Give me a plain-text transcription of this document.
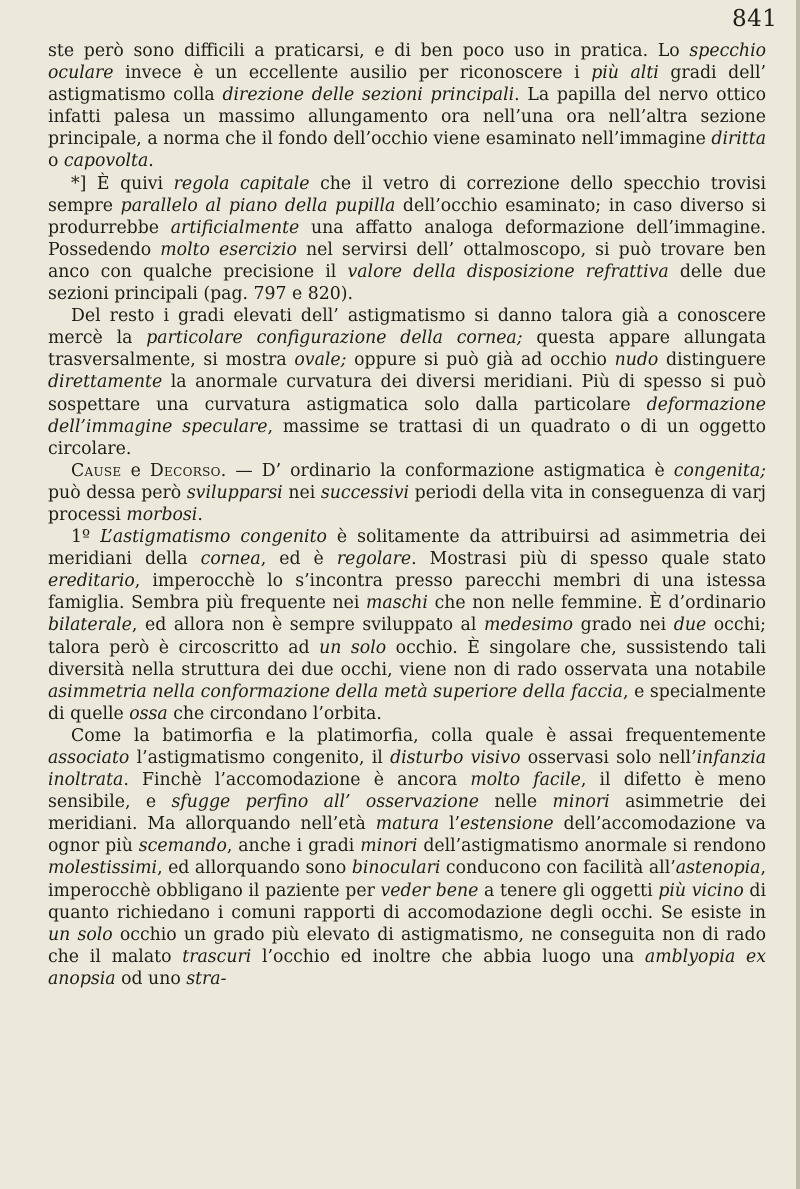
841

ste però sono difficili a praticarsi, e di ben poco uso in pratica. Lo specchio oculare invece è un eccellente ausilio per riconoscere i più alti gradi dell’ astigmatismo colla direzione delle sezioni principali. La papilla del nervo ottico infatti palesa un massimo allungamento ora nell’una ora nell’altra sezione principale, a norma che il fondo dell’occhio viene esaminato nell’immagine diritta o capovolta.

*] È quivi regola capitale che il vetro di correzione dello specchio trovisi sempre parallelo al piano della pupilla dell’occhio esaminato; in caso diverso si produrrebbe artificialmente una affatto analoga deformazione dell’immagine. Possedendo molto esercizio nel servirsi dell’ ottalmoscopo, si può trovare ben anco con qualche precisione il valore della disposizione refrattiva delle due sezioni principali (pag. 797 e 820).

Del resto i gradi elevati dell’ astigmatismo si danno talora già a conoscere mercè la particolare configurazione della cornea; questa appare allungata trasversalmente, si mostra ovale; oppure si può già ad occhio nudo distinguere direttamente la anormale curvatura dei diversi meridiani. Più di spesso si può sospettare una curvatura astigmatica solo dalla particolare deformazione dell’immagine speculare, massime se trattasi di un quadrato o di un oggetto circolare.

Cause e Decorso. — D’ ordinario la conformazione astigmatica è congenita; può dessa però svilupparsi nei successivi periodi della vita in conseguenza di varj processi morbosi.

1º L’astigmatismo congenito è solitamente da attribuirsi ad asimmetria dei meridiani della cornea, ed è regolare. Mostrasi più di spesso quale stato ereditario, imperocchè lo s’incontra presso parecchi membri di una istessa famiglia. Sembra più frequente nei maschi che non nelle femmine. È d’ordinario bilaterale, ed allora non è sempre sviluppato al medesimo grado nei due occhi; talora però è circoscritto ad un solo occhio. È singolare che, sussistendo tali diversità nella struttura dei due occhi, viene non di rado osservata una notabile asimmetria nella conformazione della metà superiore della faccia, e specialmente di quelle ossa che circondano l’orbita.

Come la batimorfia e la platimorfia, colla quale è assai frequentemente associato l’astigmatismo congenito, il disturbo visivo osservasi solo nell’infanzia inoltrata. Finchè l’accomodazione è ancora molto facile, il difetto è meno sensibile, e sfugge perfino all’ osservazione nelle minori asimmetrie dei meridiani. Ma allorquando nell’età matura l’estensione dell’accomodazione va ognor più scemando, anche i gradi minori dell’astigmatismo anormale si rendono molestissimi, ed allorquando sono binoculari conducono con facilità all’astenopia, imperocchè obbligano il paziente per veder bene a tenere gli oggetti più vicino di quanto richiedano i comuni rapporti di accomodazione degli occhi. Se esiste in un solo occhio un grado più elevato di astigmatismo, ne conseguita non di rado che il malato trascuri l’occhio ed inoltre che abbia luogo una amblyopia ex anopsia od uno stra-
